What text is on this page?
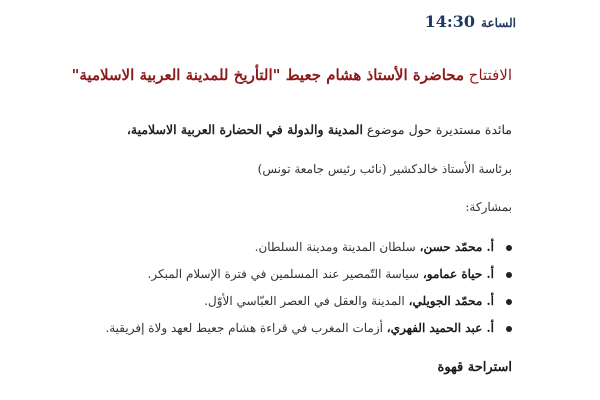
الساعة
14:30
الافتتاح محاضرة الأستاذ هشام جعيط "التأريخ للمدينة العربية الاسلامية"
مائدة مستديرة حول موضوع المدينة والدولة في الحضارة العربية الاسلامية،
برئاسة الأستاذ خالدكشير (نائب رئيس جامعة تونس)
بمشاركة:
أ. محمّد حسن، سلطان المدينة ومدينة السلطان.
أ. حياة عمامو، سياسة التّمصير عند المسلمين في فترة الإسلام المبكر.
أ. محمّد الجويلي، المدينة والعقل في العصر العبّاسي الأوّل.
أ. عبد الحميد الفهري، أزمات المغرب في قراءة هشام جعيط لعهد ولاة إفريقية.
استراحة قهوة
